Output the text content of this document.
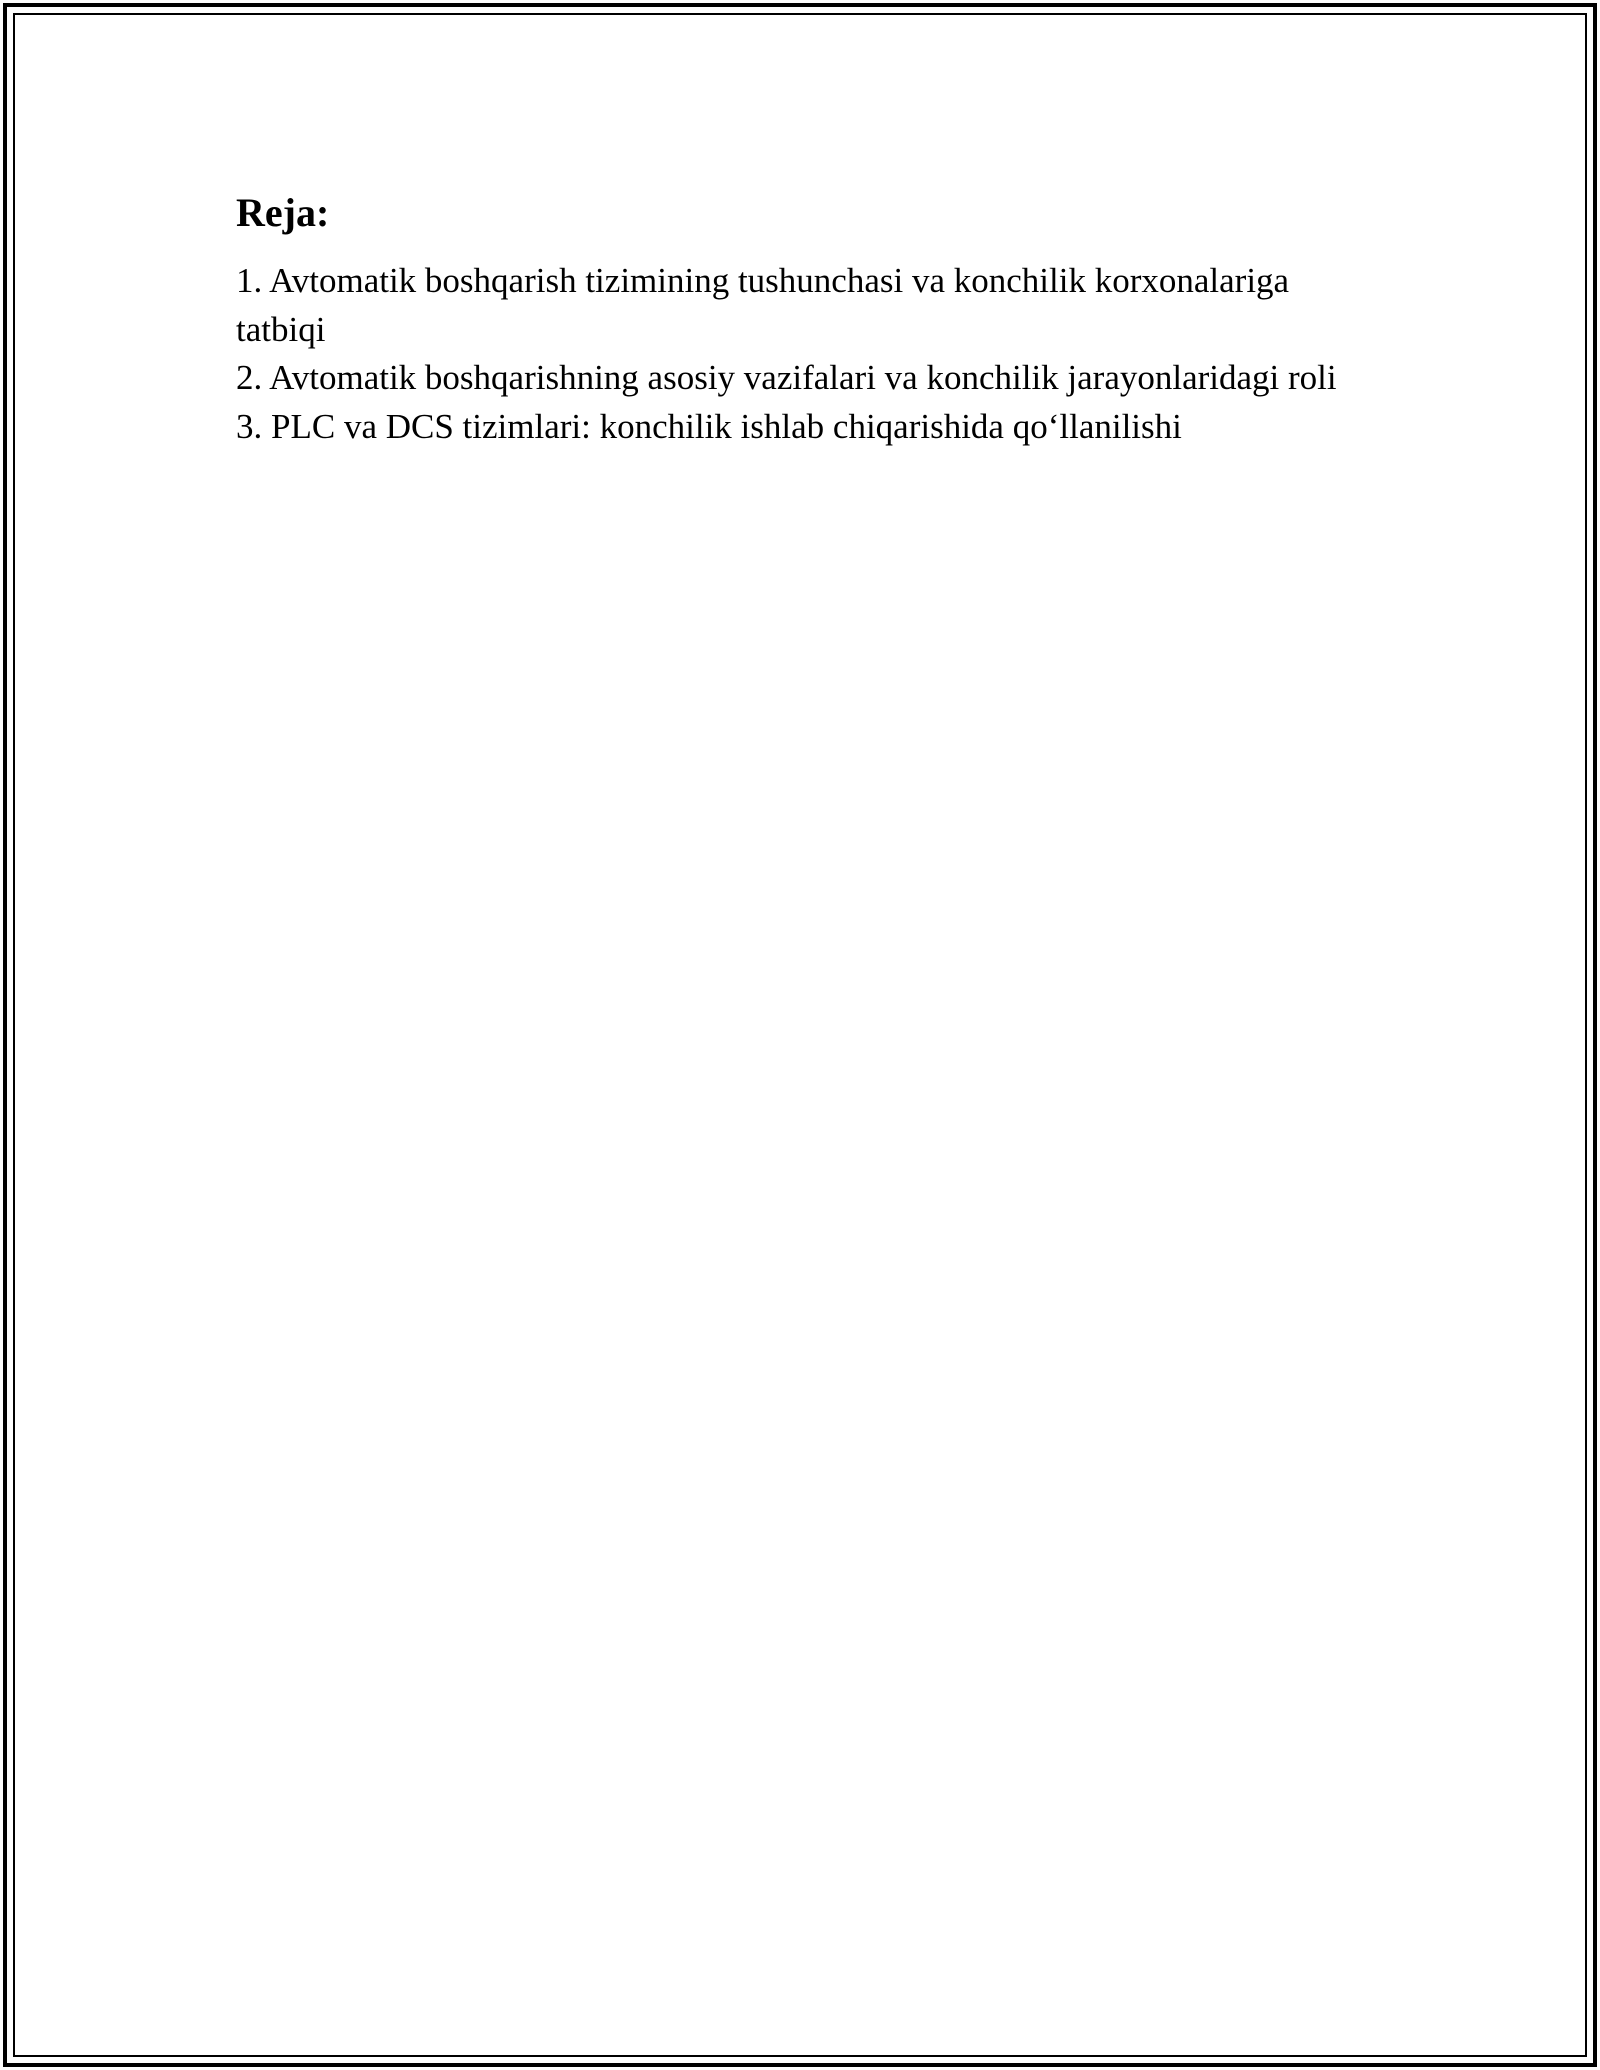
Reja:
1. Avtomatik boshqarish tizimining tushunchasi va konchilik korxonalariga tatbiqi
2. Avtomatik boshqarishning asosiy vazifalari va konchilik jarayonlaridagi roli
3. PLC va DCS tizimlari: konchilik ishlab chiqarishida qo‘llanilishi
